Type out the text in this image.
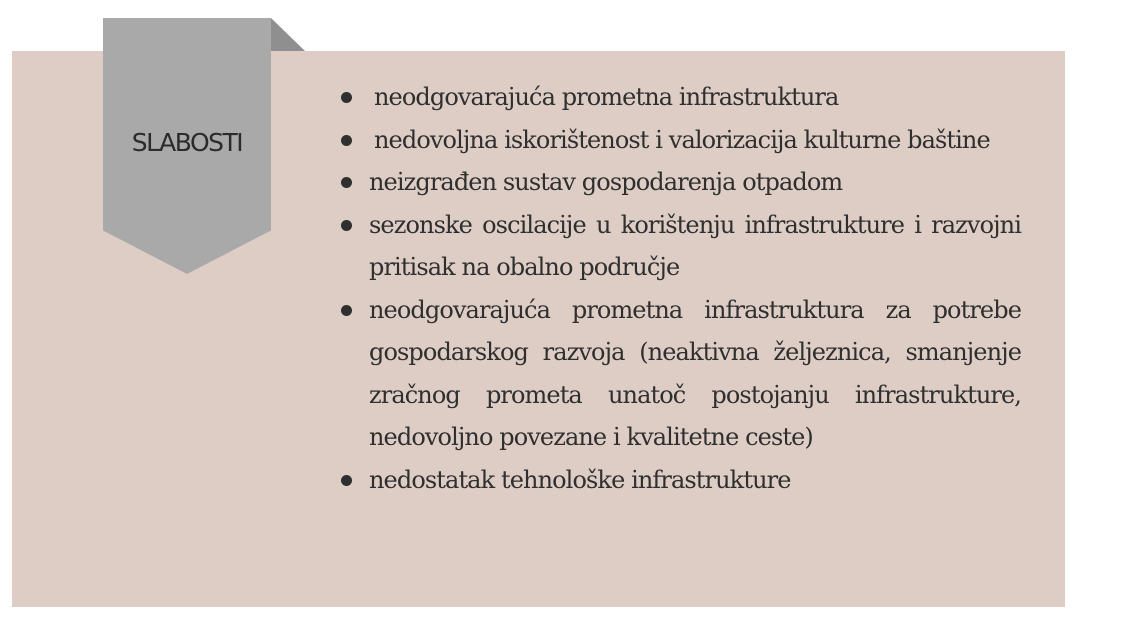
SLABOSTI
neodgovarajuća prometna infrastruktura
nedovoljna iskorištenost i valorizacija kulturne baštine
neizgrađen sustav gospodarenja otpadom
sezonske oscilacije u korištenju infrastrukture i razvojni pritisak na obalno područje
neodgovarajuća prometna infrastruktura za potrebe gospodarskog razvoja (neaktivna željeznica, smanjenje zračnog prometa unatoč postojanju infrastrukture, nedovoljno povezane i kvalitetne ceste)
nedostatak tehnološke infrastrukture
